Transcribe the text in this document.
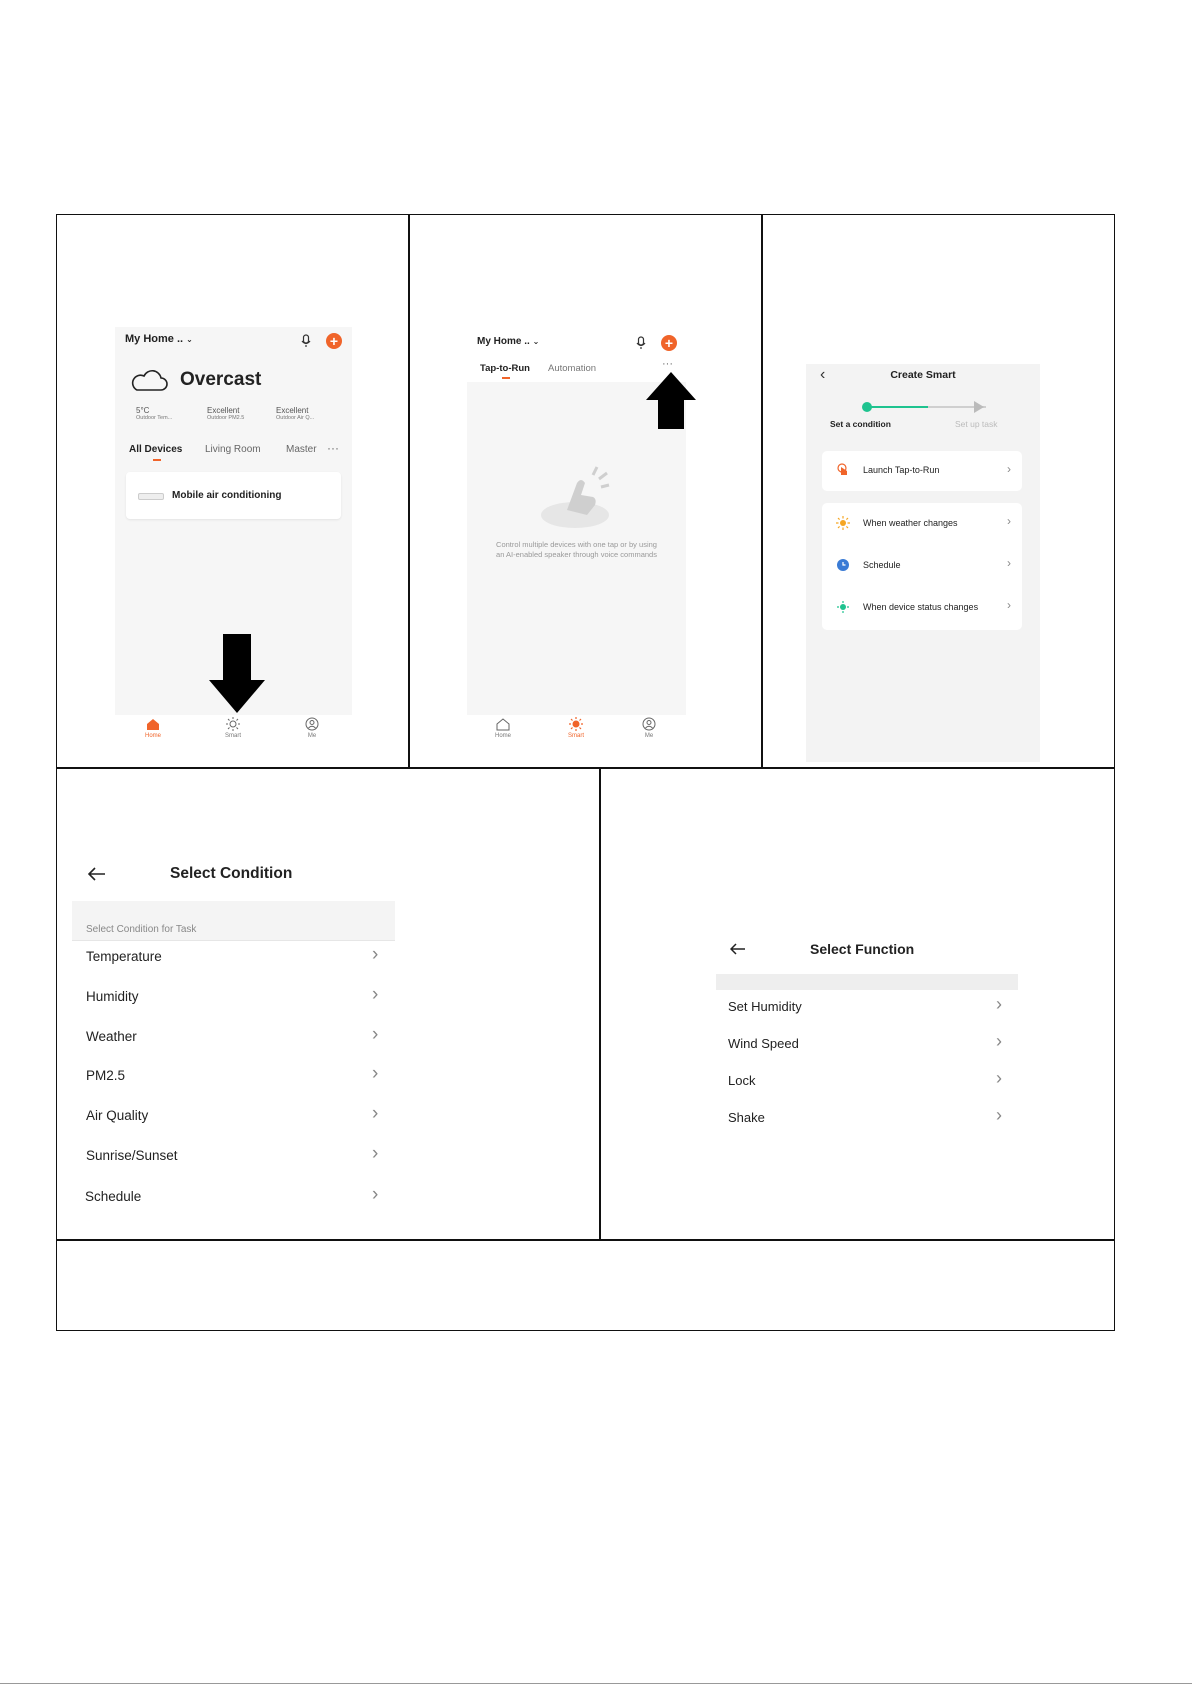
My Home .. ⌄	+
Overcast
5°C
Outdoor Tem...
Excellent
Outdoor PM2.5
Excellent
Outdoor Air Q...
All Devices Living Room	Master ···
Mobile air conditioning
Home	Smart	Me
My Home .. ⌄	+
Tap-to-Run Automation	···
Control multiple devices with one tap or by using
an AI-enabled speaker through voice commands
Home	Smart	Me
‹	Create Smart
Set a condition	Set up task
Launch Tap-to-Run	›
When weather changes	›
Schedule	›
When device status changes ›
Select Condition
Select Condition for Task
Temperature	›
Humidity	›
Weather	›
PM2.5	›
Air Quality	›
Sunrise/Sunset	›
Schedule	›
Select Function
Set Humidity	›
Wind Speed	›
Lock	›
Shake	›
